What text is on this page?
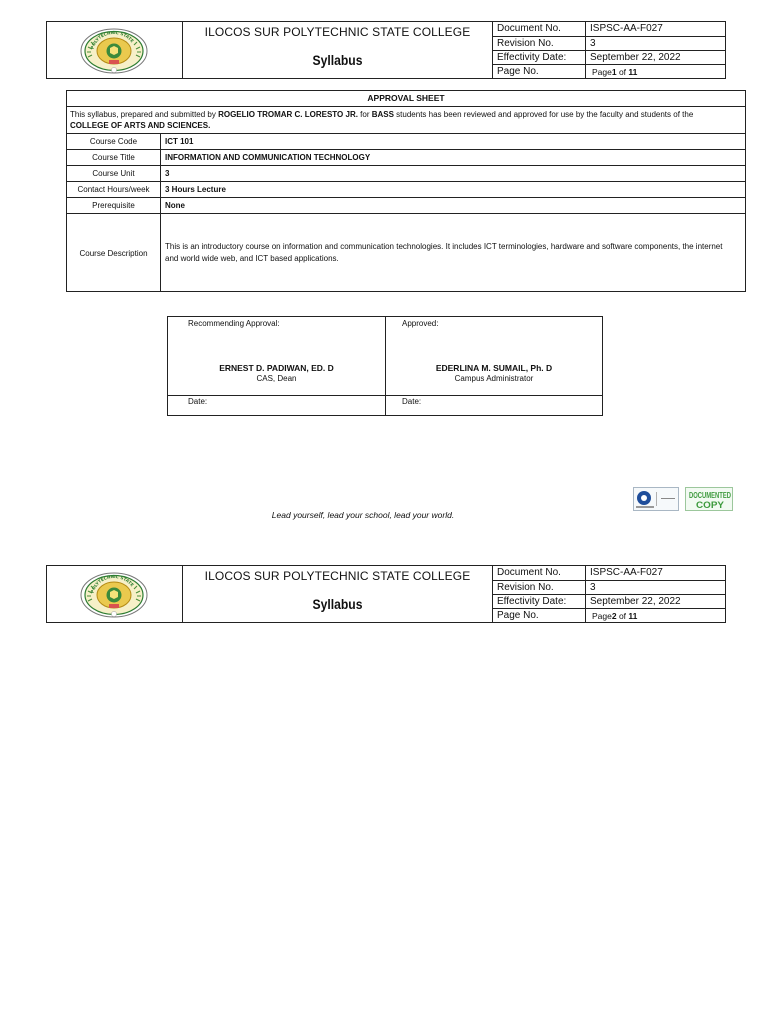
POLYTECHNIC STATE
ILOCOS SUR POLYTECHNIC STATE COLLEGE
Syllabus
Document No.	ISPSC-AA-F027
Revision No.	3
Effectivity Date:	September 22, 2022
Page No.	Page1 of 11
APPROVAL SHEET
This syllabus, prepared and submitted by ROGELIO TROMAR C. LORESTO JR. for BASS students has been reviewed and approved for use by the faculty and students of the
COLLEGE OF ARTS AND SCIENCES.
Course Code	ICT 101
Course Title	INFORMATION AND COMMUNICATION TECHNOLOGY
Course Unit	3
Contact Hours/week	3 Hours Lecture
Prerequisite	None
Course Description
This is an introductory course on information and communication technologies. It includes ICT terminologies, hardware and software components, the internet and world wide web, and ICT based applications.
Recommending Approval:
ERNEST D. PADIWAN, ED. D
CAS, Dean
Date:
Approved:
EDERLINA M. SUMAIL, Ph. D
Campus Administrator
Date:
DOCUMENTED
COPY
Lead yourself, lead your school, lead your world.
POLYTECHNIC STATE
ILOCOS SUR POLYTECHNIC STATE COLLEGE
Syllabus
Document No.	ISPSC-AA-F027
Revision No.	3
Effectivity Date:	September 22, 2022
Page No.	Page2 of 11
